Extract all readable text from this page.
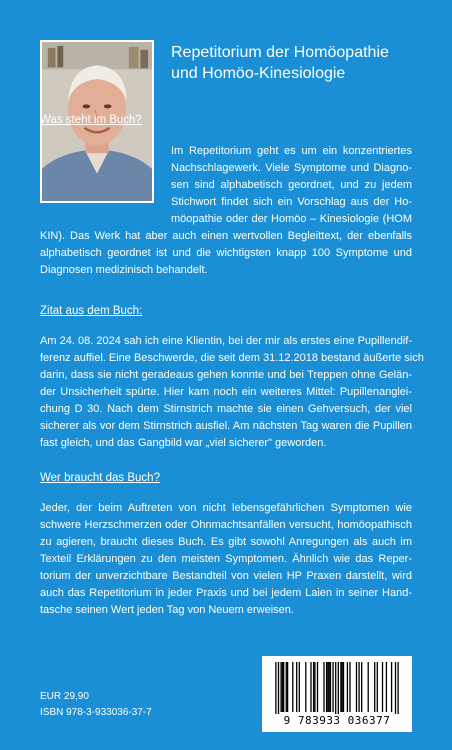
Repetitorium der Homöopathie
und Homöo-Kinesiologie
Was steht im Buch?
Im Repetitorium geht es um ein konzentriertes
Nachschlagewerk. Viele Symptome und Diagno-
sen sind alphabetisch geordnet, und zu jedem
Stichwort findet sich ein Vorschlag aus der Ho-
möopathie oder der Homöo – Kinesiologie (HOM
KIN). Das Werk hat aber auch einen wertvollen Begleittext, der ebenfalls
alphabetisch geordnet ist und die wichtigsten knapp 100 Symptome und
Diagnosen medizinisch behandelt.
Zitat aus dem Buch:
Am 24. 08. 2024 sah ich eine Klientin, bei der mir als erstes eine Pupillendif-
ferenz auffiel. Eine Beschwerde, die seit dem 31.12.2018 bestand äußerte sich
darin, dass sie nicht geradeaus gehen konnte und bei Treppen ohne Gelän-
der Unsicherheit spürte. Hier kam noch ein weiteres Mittel: Pupillenanglei-
chung D 30. Nach dem Stirnstrich machte sie einen Gehversuch, der viel
sicherer als vor dem Stirnstrich ausfiel. Am nächsten Tag waren die Pupillen
fast gleich, und das Gangbild war „viel sicherer" geworden.
Wer braucht das Buch?
Jeder, der beim Auftreten von nicht lebensgefährlichen Symptomen wie
schwere Herzschmerzen oder Ohnmachtsanfällen versucht, homöopathisch
zu agieren, braucht dieses Buch. Es gibt sowohl Anregungen als auch im
Texteil Erklärungen zu den meisten Symptomen. Ähnlich wie das Reper-
torium der unverzichtbare Bestandteil von vielen HP Praxen darstellt, wird
auch das Repetitorium in jeder Praxis und bei jedem Laien in seiner Hand-
tasche seinen Wert jeden Tag von Neuem erweisen.
EUR 29,90
ISBN 978-3-933036-37-7
9 783933 036377
